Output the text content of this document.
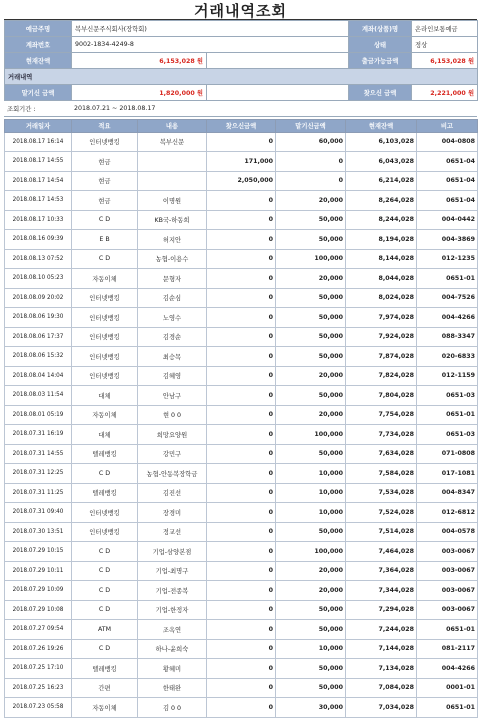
거래내역조회
예금주명	복부신문주식회사(장학회)		계좌(상품)명	온라인보통예금
계좌번호	9002-1834-4249-8		상태	정상
현재잔액	6,153,028 원		출금가능금액	6,153,028 원
거래내역				
맡기신 금액	1,820,000 원		찾으신 금액	2,221,000 원
조회기간 :	2018.07.21 ~ 2018.08.17
거래일자	적요	내용	찾으신금액	맡기신금액	현재잔액	비고
2018.08.17 16:14	인터넷뱅킹	복부신문	0	60,000	6,103,028	004-0808
2018.08.17 14:55	현금		171,000	0	6,043,028	0651-04
2018.08.17 14:54	현금		2,050,000	0	6,214,028	0651-04
2018.08.17 14:53	현금	이명원	0	20,000	8,264,028	0651-04
2018.08.17 10:33	C D	KB국-하동희	0	50,000	8,244,028	004-0442
2018.08.16 09:39	E B	허지안	0	50,000	8,194,028	004-3869
2018.08.13 07:52	C D	농협-이용수	0	100,000	8,144,028	012-1235
2018.08.10 05:23	자동이체	문형자	0	20,000	8,044,028	0651-01
2018.08.09 20:02	인터넷뱅킹	김순심	0	50,000	8,024,028	004-7526
2018.08.06 19:30	인터넷뱅킹	노영수	0	50,000	7,974,028	004-4266
2018.08.06 17:37	인터넷뱅킹	김경순	0	50,000	7,924,028	088-3347
2018.08.06 15:32	인터넷뱅킹	최승목	0	50,000	7,874,028	020-6833
2018.08.04 14:04	인터넷뱅킹	김혜영	0	20,000	7,824,028	012-1159
2018.08.03 11:54	대체	안남구	0	50,000	7,804,028	0651-03
2018.08.01 05:19	자동이체	현 0 0	0	20,000	7,754,028	0651-01
2018.07.31 16:19	대체	희망요양원	0	100,000	7,734,028	0651-03
2018.07.31 14:55	텔레뱅킹	강민구	0	50,000	7,634,028	071-0808
2018.07.31 12:25	C D	농협-안동복장학금	0	10,000	7,584,028	017-1081
2018.07.31 11:25	텔레뱅킹	김진선	0	10,000	7,534,028	004-8347
2018.07.31 09:40	인터넷뱅킹	장경미	0	10,000	7,524,028	012-6812
2018.07.30 13:51	인터넷뱅킹	정교선	0	50,000	7,514,028	004-0578
2018.07.29 10:15	C D	기업-삼양본점	0	100,000	7,464,028	003-0067
2018.07.29 10:11	C D	기업-최명구	0	20,000	7,364,028	003-0067
2018.07.29 10:09	C D	기업-전종복	0	20,000	7,344,028	003-0067
2018.07.29 10:08	C D	기업-한정자	0	50,000	7,294,028	003-0067
2018.07.27 09:54	ATM	조옥연	0	50,000	7,244,028	0651-01
2018.07.26 19:26	C D	하나-윤희숙	0	10,000	7,144,028	081-2117
2018.07.25 17:10	텔레뱅킹	황혜미	0	50,000	7,134,028	004-4266
2018.07.25 16:23	간편	한태완	0	50,000	7,084,028	0001-01
2018.07.23 05:58	자동이체	김 0 0	0	30,000	7,034,028	0651-01
